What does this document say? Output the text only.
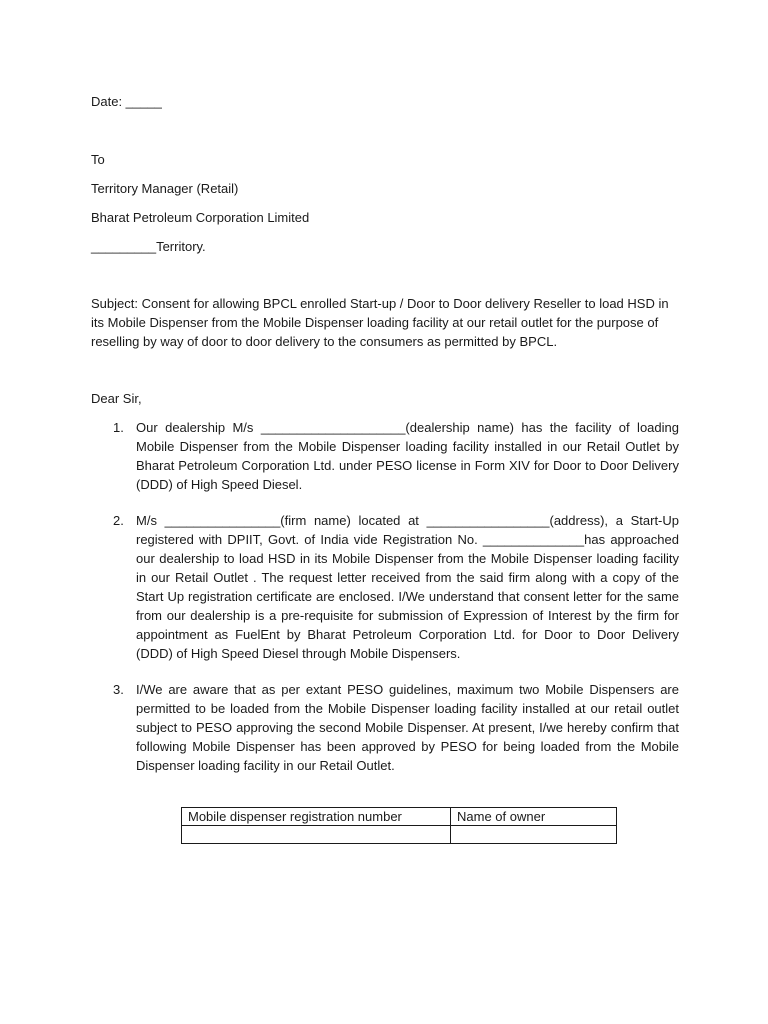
Date: _____

To

Territory Manager (Retail)

Bharat Petroleum Corporation Limited

_________Territory.

Subject: Consent for allowing BPCL enrolled Start-up / Door to Door delivery Reseller to load HSD in its Mobile Dispenser from the Mobile Dispenser loading facility at our retail outlet for the purpose of reselling by way of door to door delivery to the consumers as permitted by BPCL.

Dear Sir,

1. Our dealership M/s ____________________(dealership name) has the facility of loading Mobile Dispenser from the Mobile Dispenser loading facility installed in our Retail Outlet by Bharat Petroleum Corporation Ltd. under PESO license in Form XIV for Door to Door Delivery (DDD) of High Speed Diesel.
2. M/s ________________(firm name) located at _________________(address), a Start-Up registered with DPIIT, Govt. of India vide Registration No. ______________has approached our dealership to load HSD in its Mobile Dispenser from the Mobile Dispenser loading facility in our Retail Outlet . The request letter received from the said firm along with a copy of the Start Up registration certificate are enclosed. I/We understand that consent letter for the same from our dealership is a pre-requisite for submission of Expression of Interest by the firm for appointment as FuelEnt by Bharat Petroleum Corporation Ltd. for Door to Door Delivery (DDD) of High Speed Diesel through Mobile Dispensers.
3. I/We are aware that as per extant PESO guidelines, maximum two Mobile Dispensers are permitted to be loaded from the Mobile Dispenser loading facility installed at our retail outlet subject to PESO approving the second Mobile Dispenser. At present, I/we hereby confirm that following Mobile Dispenser has been approved by PESO for being loaded from the Mobile Dispenser loading facility in our Retail Outlet.
Mobile dispenser registration number	Name of owner
